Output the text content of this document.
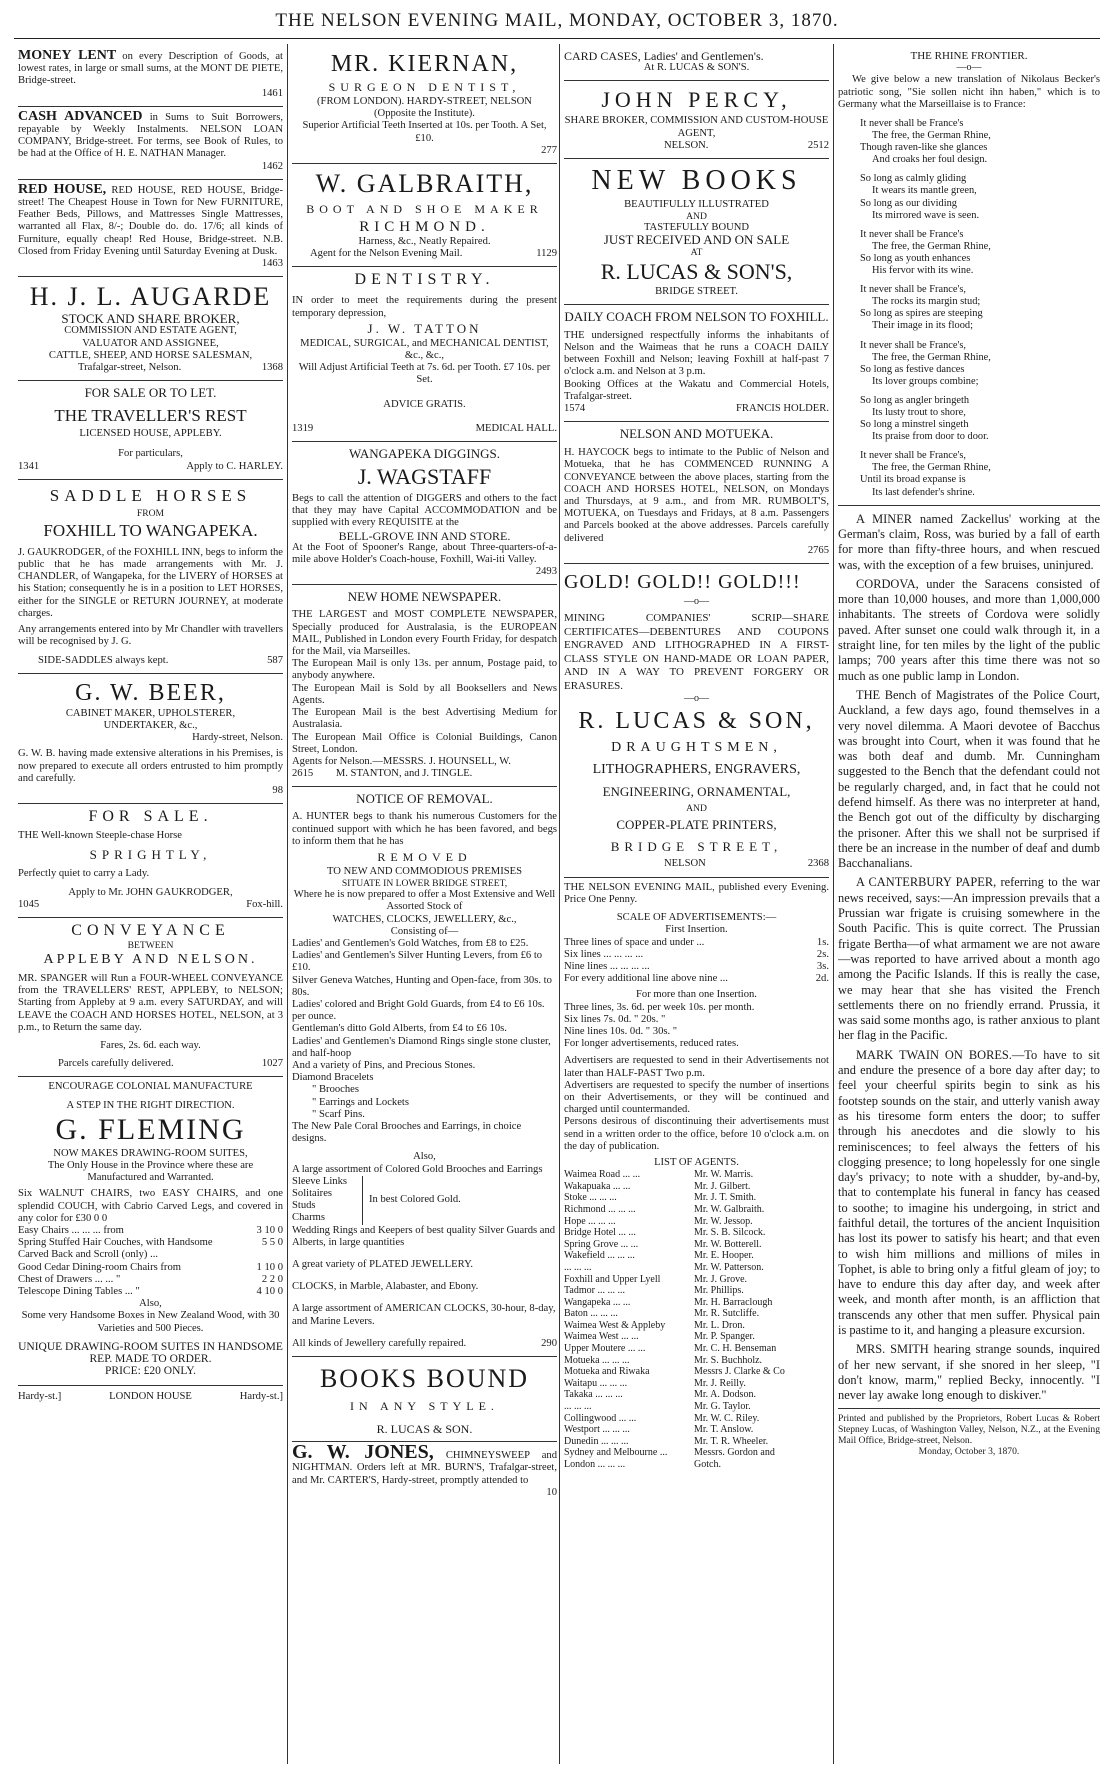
THE NELSON EVENING MAIL, MONDAY, OCTOBER 3, 1870.
MONEY LENT on every Description of Goods, at lowest rates, in large or small sums, at the MONT DE PIETE, Bridge-street.
1461
CASH ADVANCED in Sums to Suit Borrowers, repayable by Weekly Instalments. NELSON LOAN COMPANY, Bridge-street. For terms, see Book of Rules, to be had at the Office of H. E. NATHAN Manager.
1462
RED HOUSE, RED HOUSE, RED HOUSE, Bridge-street! The Cheapest House in Town for New FURNITURE, Feather Beds, Pillows, and Mattresses Single Mattresses, warranted all Flax, 8/-; Double do. do. 17/6; all kinds of Furniture, equally cheap! Red House, Bridge-street. N.B. Closed from Friday Evening until Saturday Evening at Dusk.
1463
H. J. L. AUGARDE
STOCK AND SHARE BROKER,
COMMISSION AND ESTATE AGENT,
VALUATOR AND ASSIGNEE,
CATTLE, SHEEP, AND HORSE SALESMAN,
Trafalgar-street, Nelson.	1368
FOR SALE OR TO LET.
THE TRAVELLER'S REST
LICENSED HOUSE, APPLEBY.
For particulars,
1341	Apply to C. HARLEY.
SADDLE HORSES
FROM
FOXHILL TO WANGAPEKA.
J. GAUKRODGER, of the FOXHILL INN, begs to inform the public that he has made arrangements with Mr. J. CHANDLER, of Wangapeka, for the LIVERY of HORSES at his Station; consequently he is in a position to LET HORSES, either for the SINGLE or RETURN JOURNEY, at moderate charges.
Any arrangements entered into by Mr Chandler with travellers will be recognised by J. G.
SIDE-SADDLES always kept.	587
G. W. BEER,
CABINET MAKER, UPHOLSTERER,
UNDERTAKER, &c.,
Hardy-street, Nelson.
G. W. B. having made extensive alterations in his Premises, is now prepared to execute all orders entrusted to him promptly and carefully.
98
FOR SALE.
THE Well-known Steeple-chase Horse
SPRIGHTLY,
Perfectly quiet to carry a Lady.
Apply to Mr. JOHN GAUKRODGER,
1045	Fox-hill.
CONVEYANCE
BETWEEN
APPLEBY AND NELSON.
MR. SPANGER will Run a FOUR-WHEEL CONVEYANCE from the TRAVELLERS' REST, APPLEBY, to NELSON; Starting from Appleby at 9 a.m. every SATURDAY, and will LEAVE the COACH AND HORSES HOTEL, NELSON, at 3 p.m., to Return the same day.
Fares, 2s. 6d. each way.
Parcels carefully delivered.	1027
ENCOURAGE COLONIAL MANUFACTURE
A STEP IN THE RIGHT DIRECTION.
G. FLEMING
NOW MAKES DRAWING-ROOM SUITES,
The Only House in the Province where these are Manufactured and Warranted.
Six WALNUT CHAIRS, two EASY CHAIRS, and one splendid COUCH, with Cabrio Carved Legs, and covered in any color for £30 0 0
Easy Chairs ... ... ... from	3 10 0
Spring Stuffed Hair Couches, with Handsome Carved Back and Scroll (only) ...
5 5 0
Good Cedar Dining-room Chairs from	1 10 0
Chest of Drawers ... ... "	2 2 0
Telescope Dining Tables ... "	4 10 0
Also,
Some very Handsome Boxes in New Zealand Wood, with 30 Varieties and 500 Pieces.
UNIQUE DRAWING-ROOM SUITES IN HANDSOME REP. MADE TO ORDER.
PRICE: £20 ONLY.
Hardy-st.]	LONDON HOUSE	Hardy-st.]
MR. KIERNAN,
SURGEON DENTIST,
(FROM LONDON). HARDY-STREET, NELSON
(Opposite the Institute).
Superior Artificial Teeth Inserted at 10s. per Tooth. A Set, £10.
277
W. GALBRAITH,
BOOT AND SHOE MAKER
RICHMOND.
Harness, &c., Neatly Repaired.
Agent for the Nelson Evening Mail.	1129
DENTISTRY.
IN order to meet the requirements during the present temporary depression,
J. W. TATTON
MEDICAL, SURGICAL, and MECHANICAL DENTIST, &c., &c.,
Will Adjust Artificial Teeth at 7s. 6d. per Tooth. £7 10s. per Set.
ADVICE GRATIS.
1319	MEDICAL HALL.
WANGAPEKA DIGGINGS.
J. WAGSTAFF
Begs to call the attention of DIGGERS and others to the fact that they may have Capital ACCOMMODATION and be supplied with every REQUISITE at the
BELL-GROVE INN AND STORE.
At the Foot of Spooner's Range, about Three-quarters-of-a-mile above Holder's Coach-house, Foxhill, Wai-iti Valley.
2493
NEW HOME NEWSPAPER.
THE LARGEST and MOST COMPLETE NEWSPAPER, Specially produced for Australasia, is the EUROPEAN MAIL, Published in London every Fourth Friday, for despatch for the Mail, via Marseilles.
The European Mail is only 13s. per annum, Postage paid, to anybody anywhere.
The European Mail is Sold by all Booksellers and News Agents.
The European Mail is the best Advertising Medium for Australasia.
The European Mail Office is Colonial Buildings, Canon Street, London.
Agents for Nelson.—MESSRS. J. HOUNSELL, W.
2615 M. STANTON, and J. TINGLE.
NOTICE OF REMOVAL.
A. HUNTER begs to thank his numerous Customers for the continued support with which he has been favored, and begs to inform them that he has
REMOVED
TO NEW AND COMMODIOUS PREMISES
SITUATE IN LOWER BRIDGE STREET,
Where he is now prepared to offer a Most Extensive and Well Assorted Stock of
WATCHES, CLOCKS, JEWELLERY, &c.,
Consisting of—
Ladies' and Gentlemen's Gold Watches, from £8 to £25.
Ladies' and Gentlemen's Silver Hunting Levers, from £6 to £10.
Silver Geneva Watches, Hunting and Open-face, from 30s. to 80s.
Ladies' colored and Bright Gold Guards, from £4 to £6 10s. per ounce.
Gentleman's ditto Gold Alberts, from £4 to £6 10s.
Ladies' and Gentlemen's Diamond Rings single stone cluster, and half-hoop
And a variety of Pins, and Precious Stones.
Diamond Bracelets
" Brooches
" Earrings and Lockets
" Scarf Pins.
The New Pale Coral Brooches and Earrings, in choice designs.
Also,
A large assortment of Colored Gold Brooches and Earrings
Sleeve Links
Solitaires
Studs
Charms
In best Colored Gold.
Wedding Rings and Keepers of best quality Silver Guards and Alberts, in large quantities
A great variety of PLATED JEWELLERY.
CLOCKS, in Marble, Alabaster, and Ebony.
A large assortment of AMERICAN CLOCKS, 30-hour, 8-day, and Marine Levers.
All kinds of Jewellery carefully repaired.	290
BOOKS BOUND
IN ANY STYLE.
R. LUCAS & SON.
G. W. JONES, CHIMNEYSWEEP and NIGHTMAN. Orders left at MR. BURN'S, Trafalgar-street, and Mr. CARTER'S, Hardy-street, promptly attended to
10
CARD CASES, Ladies' and Gentlemen's.
At R. LUCAS & SON'S.
JOHN PERCY,
SHARE BROKER, COMMISSION AND CUSTOM-HOUSE AGENT,
NELSON.	2512
NEW BOOKS
BEAUTIFULLY ILLUSTRATED
AND
TASTEFULLY BOUND
JUST RECEIVED AND ON SALE
AT
R. LUCAS & SON'S,
BRIDGE STREET.
DAILY COACH FROM NELSON TO FOXHILL.
THE undersigned respectfully informs the inhabitants of Nelson and the Waimeas that he runs a COACH DAILY between Foxhill and Nelson; leaving Foxhill at half-past 7 o'clock a.m. and Nelson at 3 p.m.
Booking Offices at the Wakatu and Commercial Hotels, Trafalgar-street.
1574	FRANCIS HOLDER.
NELSON AND MOTUEKA.
H. HAYCOCK begs to intimate to the Public of Nelson and Motueka, that he has COMMENCED RUNNING A CONVEYANCE between the above places, starting from the COACH AND HORSES HOTEL, NELSON, on Mondays and Thursdays, at 9 a.m., and from MR. RUMBOLT'S, MOTUEKA, on Tuesdays and Fridays, at 8 a.m. Passengers and Parcels booked at the above addresses. Parcels carefully delivered
2765
GOLD! GOLD!! GOLD!!!
—o—
MINING COMPANIES' SCRIP—SHARE CERTIFICATES—DEBENTURES AND COUPONS ENGRAVED AND LITHOGRAPHED IN A FIRST-CLASS STYLE ON HAND-MADE OR LOAN PAPER, AND IN A WAY TO PREVENT FORGERY OR ERASURES.
—o—
R. LUCAS & SON,
DRAUGHTSMEN,
LITHOGRAPHERS, ENGRAVERS,
ENGINEERING, ORNAMENTAL,
AND
COPPER-PLATE PRINTERS,
BRIDGE STREET,
NELSON	2368
THE NELSON EVENING MAIL, published every Evening. Price One Penny.
SCALE OF ADVERTISEMENTS:—
First Insertion.
Three lines of space and under ...	1s.
Six lines ... ... ... ...	2s.
Nine lines ... ... ... ...	3s.
For every additional line above nine ...	2d.
For more than one Insertion.
Three lines, 3s. 6d. per week 10s. per month.
Six lines 7s. 0d. " 20s. "
Nine lines 10s. 0d. " 30s. "
For longer advertisements, reduced rates.
Advertisers are requested to send in their Advertisements not later than HALF-PAST Two p.m.
Advertisers are requested to specify the number of insertions on their Advertisements, or they will be continued and charged until countermanded.
Persons desirous of discontinuing their advertisements must send in a written order to the office, before 10 o'clock a.m. on the day of publication.
LIST OF AGENTS.
Waimea Road ... ...	Mr. W. Marris.
Wakapuaka ... ...	Mr. J. Gilbert.
Stoke ... ... ...	Mr. J. T. Smith.
Richmond ... ... ...	Mr. W. Galbraith.
Hope ... ... ...	Mr. W. Jessop.
Bridge Hotel ... ...	Mr. S. B. Silcock.
Spring Grove ... ...	Mr. W. Botterell.
Wakefield ... ... ...	Mr. E. Hooper.
... ... ...	Mr. W. Patterson.
Foxhill and Upper Lyell	Mr. J. Grove.
Tadmor ... ... ...	Mr. Phillips.
Wangapeka ... ...	Mr. H. Barraclough
Baton ... ... ...	Mr. R. Sutcliffe.
Waimea West & Appleby	Mr. L. Dron.
Waimea West ... ...	Mr. P. Spanger.
Upper Moutere ... ...	Mr. C. H. Benseman
Motueka ... ... ...	Mr. S. Buchholz.
Motueka and Riwaka	Messrs J. Clarke & Co
Waitapu ... ... ...	Mr. J. Reilly.
Takaka ... ... ...	Mr. A. Dodson.
... ... ...	Mr. G. Taylor.
Collingwood ... ...	Mr. W. C. Riley.
Westport ... ... ...	Mr. T. Anslow.
Dunedin ... ... ...	Mr. T. R. Wheeler.
Sydney and Melbourne ...	Messrs. Gordon and
London ... ... ...	Gotch.
THE RHINE FRONTIER.
—o—
We give below a new translation of Nikolaus Becker's patriotic song, "Sie sollen nicht ihn haben," which is to Germany what the Marseillaise is to France:
It never shall be France's
The free, the German Rhine,
Though raven-like she glances
And croaks her foul design.
So long as calmly gliding
It wears its mantle green,
So long as our dividing
Its mirrored wave is seen.
It never shall be France's
The free, the German Rhine,
So long as youth enhances
His fervor with its wine.
It never shall be France's,
The rocks its margin stud;
So long as spires are steeping
Their image in its flood;
It never shall be France's,
The free, the German Rhine,
So long as festive dances
Its lover groups combine;
So long as angler bringeth
Its lusty trout to shore,
So long a minstrel singeth
Its praise from door to door.
It never shall be France's,
The free, the German Rhine,
Until its broad expanse is
Its last defender's shrine.

A MINER named Zackellus' working at the German's claim, Ross, was buried by a fall of earth for more than fifty-three hours, and when rescued was, with the exception of a few bruises, uninjured.

CORDOVA, under the Saracens consisted of more than 10,000 houses, and more than 1,000,000 inhabitants. The streets of Cordova were solidly paved. After sunset one could walk through it, in a straight line, for ten miles by the light of the public lamps; 700 years after this time there was not so much as one public lamp in London.

THE Bench of Magistrates of the Police Court, Auckland, a few days ago, found themselves in a very novel dilemma. A Maori devotee of Bacchus was brought into Court, when it was found that he was both deaf and dumb. Mr. Cunningham suggested to the Bench that the defendant could not be regularly charged, and, in fact that he could not defend himself. As there was no interpreter at hand, the Bench got out of the difficulty by discharging the prisoner. After this we shall not be surprised if there be an increase in the number of deaf and dumb Bacchanalians.

A CANTERBURY PAPER, referring to the war news received, says:—An impression prevails that a Prussian war frigate is cruising somewhere in the South Pacific. This is quite correct. The Prussian frigate Bertha—of what armament we are not aware—was reported to have arrived about a month ago among the Pacific Islands. If this is really the case, we may hear that she has visited the French settlements there on no friendly errand. Prussia, it was said some months ago, is rather anxious to plant her flag in the Pacific.

MARK TWAIN ON BORES.—To have to sit and endure the presence of a bore day after day; to feel your cheerful spirits begin to sink as his footstep sounds on the stair, and utterly vanish away as his tiresome form enters the door; to suffer through his anecdotes and die slowly to his reminiscences; to feel always the fetters of his clogging presence; to long hopelessly for one single day's privacy; to note with a shudder, by-and-by, that to contemplate his funeral in fancy has ceased to soothe; to imagine his undergoing, in strict and faithful detail, the tortures of the ancient Inquisition has lost its power to satisfy his heart; and that even to wish him millions and millions of miles in Tophet, is able to bring only a fitful gleam of joy; to have to endure this day after day, and week after week, and month after month, is an affliction that transcends any other that men suffer. Physical pain is pastime to it, and hanging a pleasure excursion.

MRS. SMITH hearing strange sounds, inquired of her new servant, if she snored in her sleep, "I don't know, marm," replied Becky, innocently. "I never lay awake long enough to diskiver."

Printed and published by the Proprietors, Robert Lucas & Robert Stepney Lucas, of Washington Valley, Nelson, N.Z., at the Evening Mail Office, Bridge-street, Nelson.
Monday, October 3, 1870.
